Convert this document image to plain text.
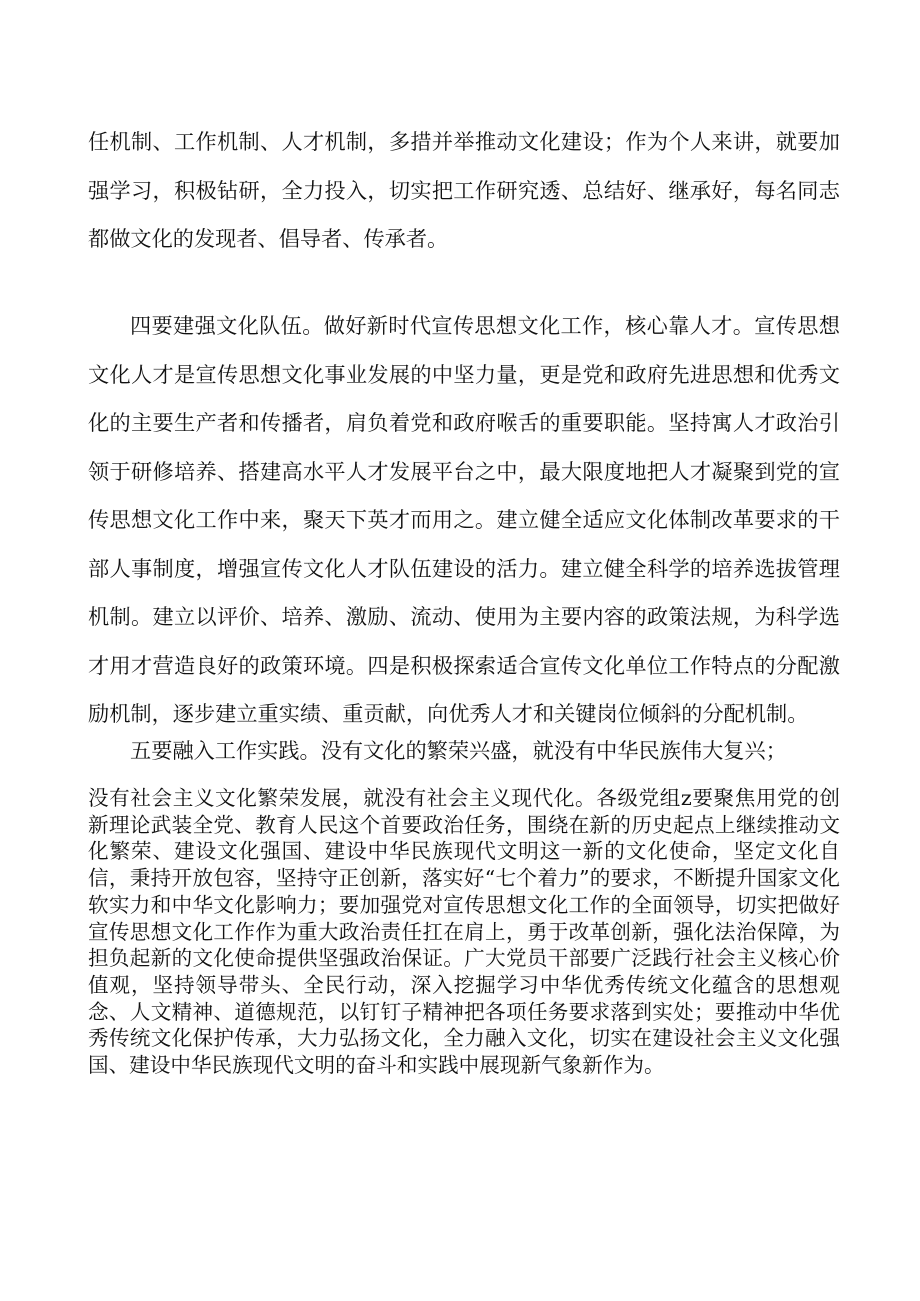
任机制、工作机制、人才机制，多措并举推动文化建设；作为个人来讲，就要加强学习，积极钻研，全力投入，切实把工作研究透、总结好、继承好，每名同志都做文化的发现者、倡导者、传承者。

四要建强文化队伍。做好新时代宣传思想文化工作，核心靠人才。宣传思想文化人才是宣传思想文化事业发展的中坚力量，更是党和政府先进思想和优秀文化的主要生产者和传播者，肩负着党和政府喉舌的重要职能。坚持寓人才政治引领于研修培养、搭建高水平人才发展平台之中，最大限度地把人才凝聚到党的宣传思想文化工作中来，聚天下英才而用之。建立健全适应文化体制改革要求的干部人事制度，增强宣传文化人才队伍建设的活力。建立健全科学的培养选拔管理机制。建立以评价、培养、激励、流动、使用为主要内容的政策法规，为科学选才用才营造良好的政策环境。四是积极探索适合宣传文化单位工作特点的分配激励机制，逐步建立重实绩、重贡献，向优秀人才和关键岗位倾斜的分配机制。

五要融入工作实践。没有文化的繁荣兴盛，就没有中华民族伟大复兴；

没有社会主义文化繁荣发展，就没有社会主义现代化。各级党组z要聚焦用党的创新理论武装全党、教育人民这个首要政治任务，围绕在新的历史起点上继续推动文化繁荣、建设文化强国、建设中华民族现代文明这一新的文化使命，坚定文化自信，秉持开放包容，坚持守正创新，落实好“七个着力”的要求，不断提升国家文化软实力和中华文化影响力；要加强党对宣传思想文化工作的全面领导，切实把做好宣传思想文化工作作为重大政治责任扛在肩上，勇于改革创新，强化法治保障，为担负起新的文化使命提供坚强政治保证。广大党员干部要广泛践行社会主义核心价值观，坚持领导带头、全民行动，深入挖掘学习中华优秀传统文化蕴含的思想观念、人文精神、道德规范，以钉钉子精神把各项任务要求落到实处；要推动中华优秀传统文化保护传承，大力弘扬文化，全力融入文化，切实在建设社会主义文化强国、建设中华民族现代文明的奋斗和实践中展现新气象新作为。
